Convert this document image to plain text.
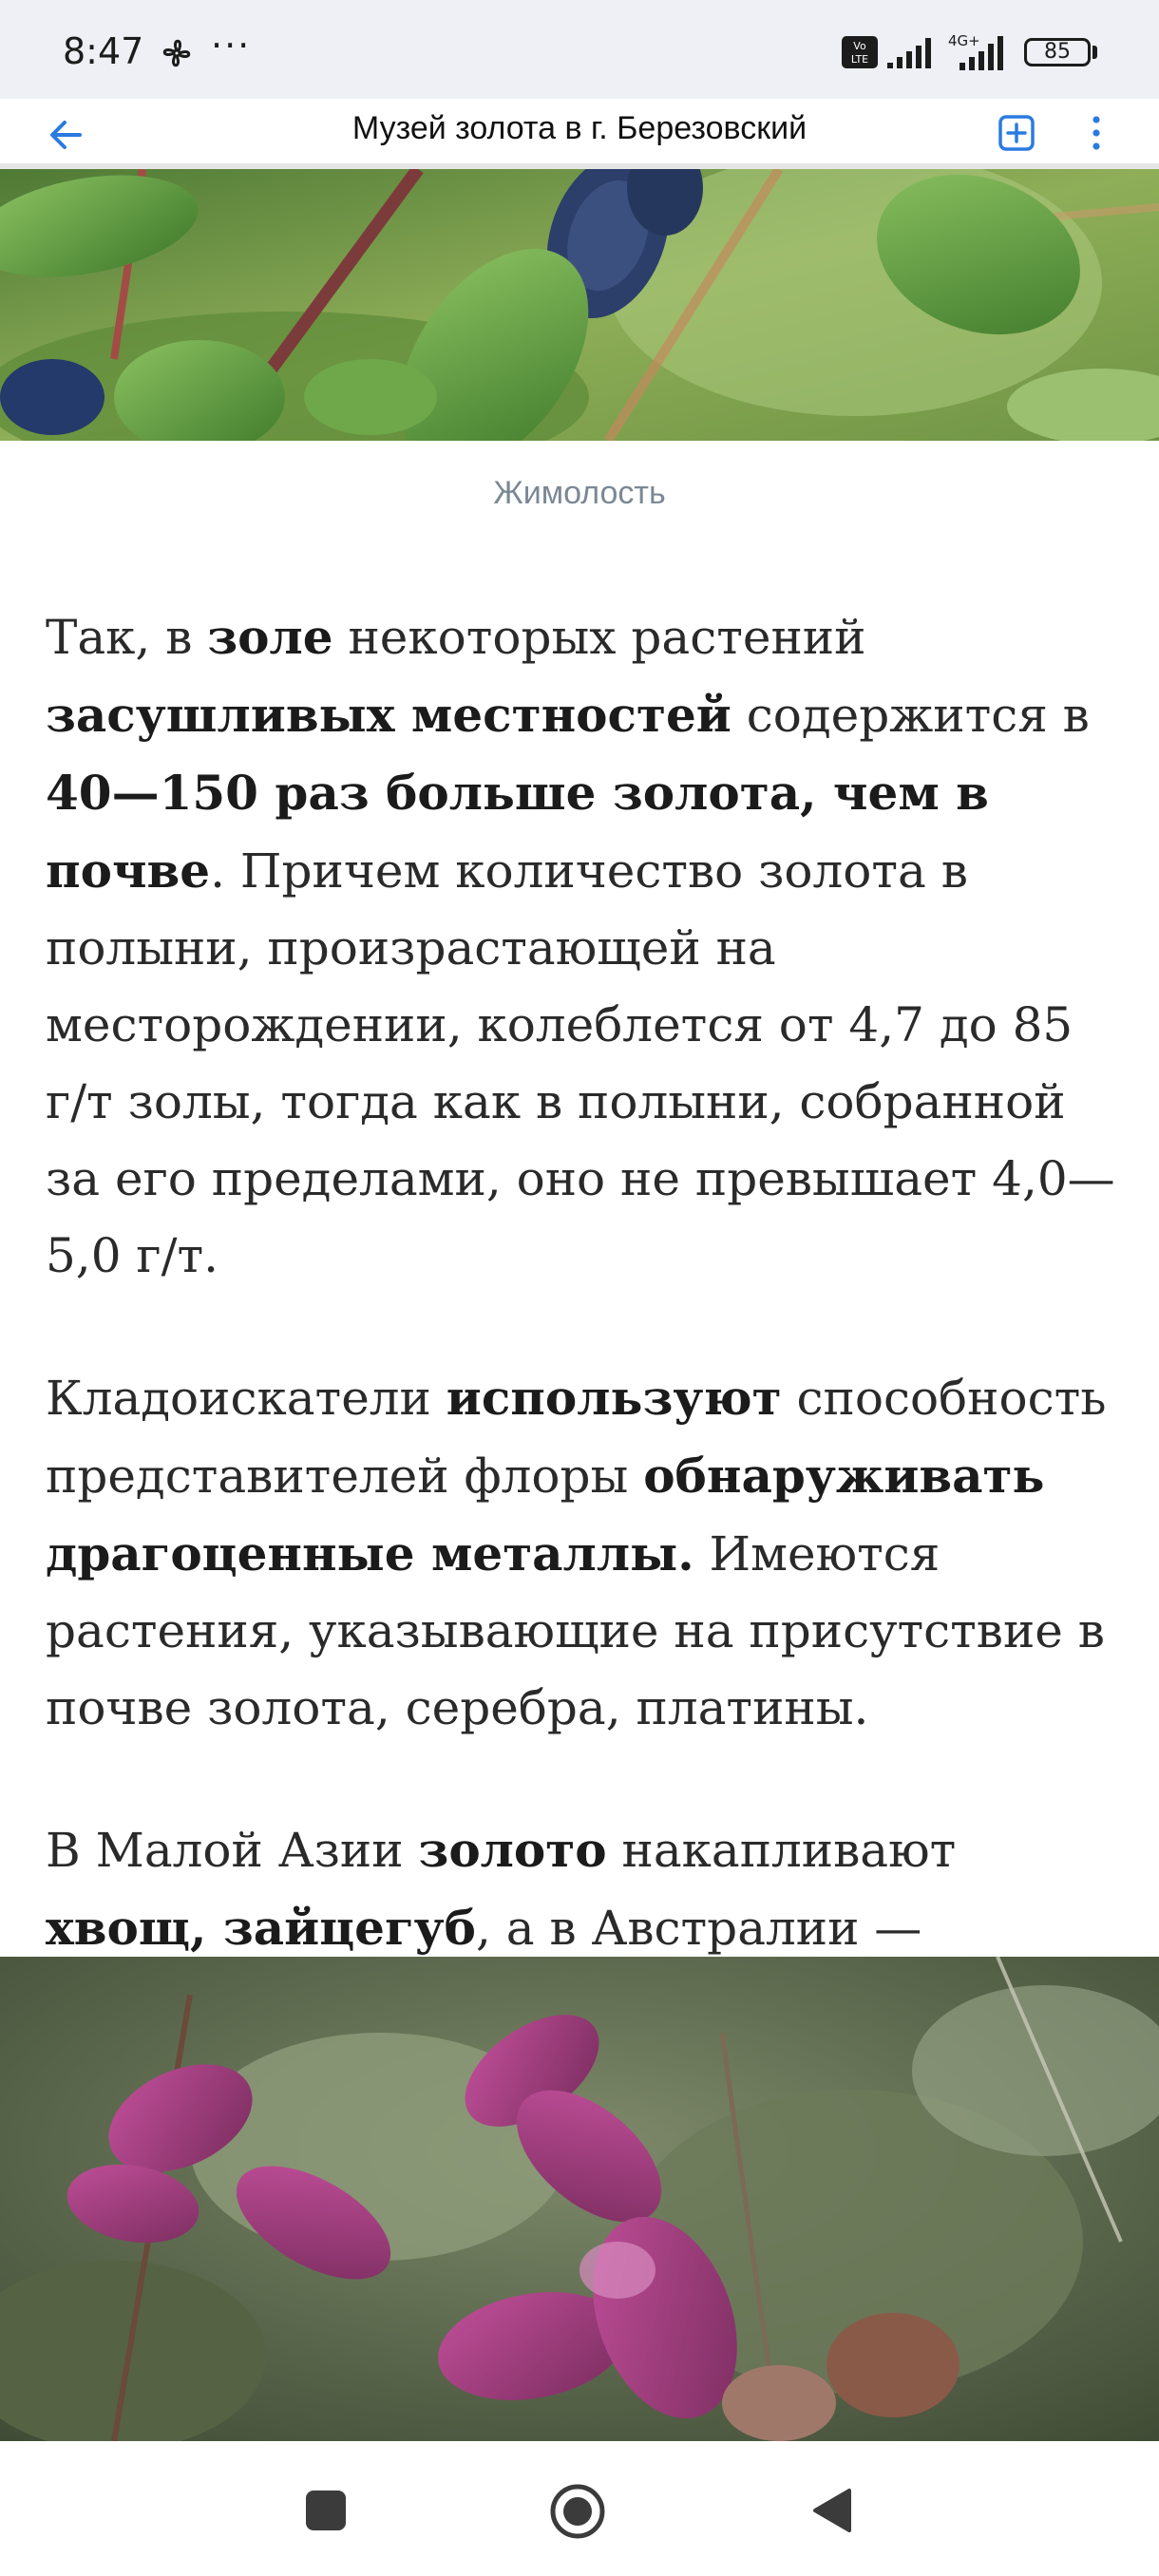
8:47 ···	Vo
LTE
4G+	85
Музей золота в г. Березовский
Жимолость

Так, в золе некоторых растений засушливых местностей содержится в 40—150 раз больше золота, чем в почве. Причем количество золота в полыни, произрастающей на месторождении, колеблется от 4,7 до 85 г/т золы, тогда как в полыни, собранной за его пределами, оно не превышает 4,0—5,0 г/т.

Кладоискатели используют способность представителей флоры обнаруживать драгоценные металлы. Имеются растения, указывающие на присутствие в почве золота, серебра, платины.

В Малой Азии золото накапливают хвощ, зайцегуб, а в Австралии —
